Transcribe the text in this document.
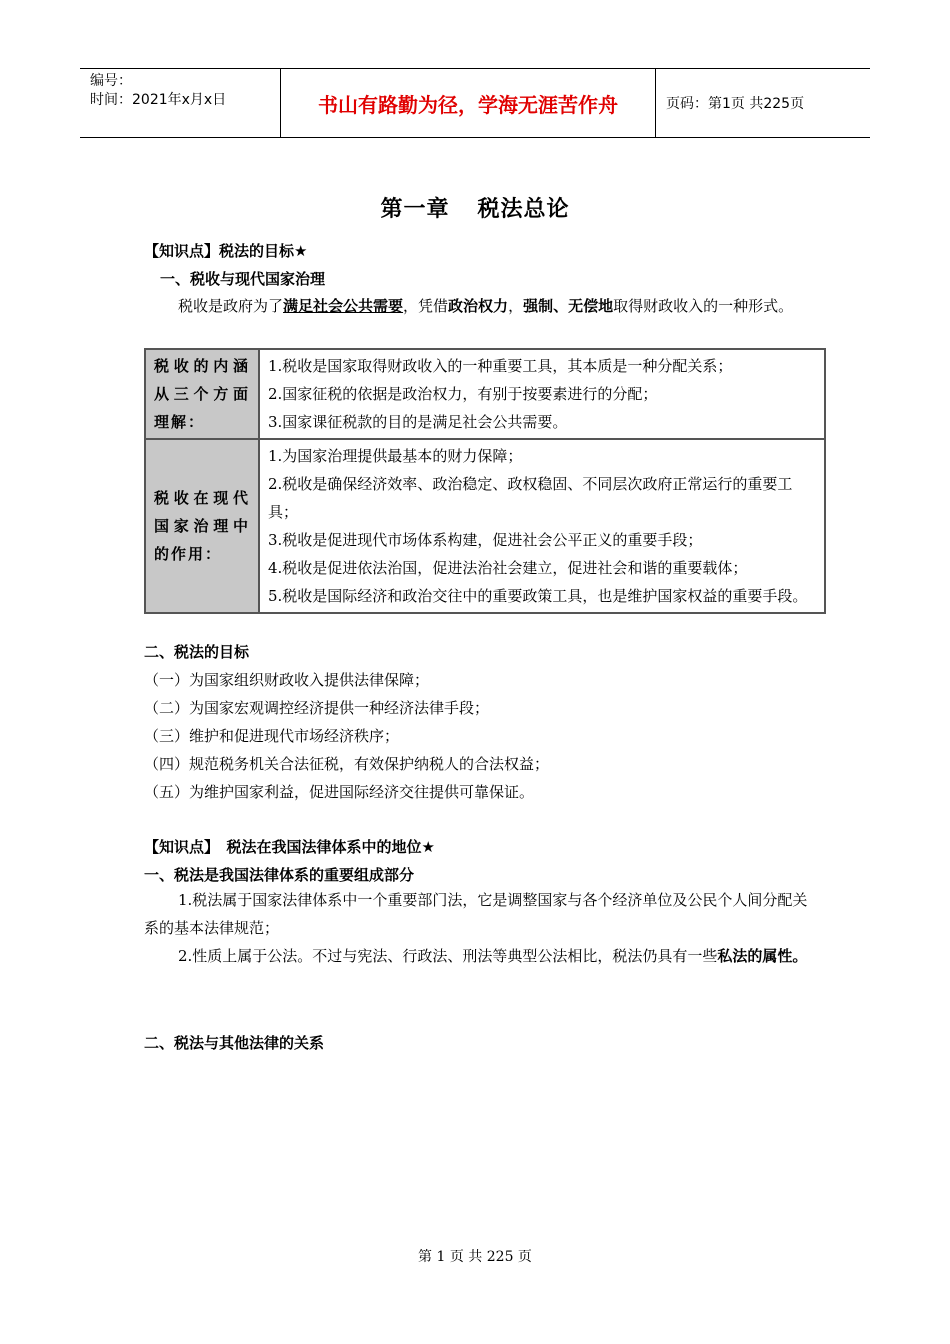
编号：
时间：2021年x月x日	书山有路勤为径，学海无涯苦作舟	页码：第1页 共225页
第一章 税法总论
【知识点】税法的目标★
一、税收与现代国家治理
税收是政府为了满足社会公共需要，凭借政治权力，强制、无偿地取得财政收入的一种形式。
税收的内涵从三个方面理解：	1.税收是国家取得财政收入的一种重要工具，其本质是一种分配关系；
2.国家征税的依据是政治权力，有别于按要素进行的分配；
3.国家课征税款的目的是满足社会公共需要。

税收在现代国家治理中的作用：	1.为国家治理提供最基本的财力保障；
2.税收是确保经济效率、政治稳定、政权稳固、不同层次政府正常运行的重要工具；
3.税收是促进现代市场体系构建，促进社会公平正义的重要手段；
4.税收是促进依法治国，促进法治社会建立，促进社会和谐的重要载体；
5.税收是国际经济和政治交往中的重要政策工具，也是维护国家权益的重要手段。
二、税法的目标
（一）为国家组织财政收入提供法律保障；
（二）为国家宏观调控经济提供一种经济法律手段；
（三）维护和促进现代市场经济秩序；
（四）规范税务机关合法征税，有效保护纳税人的合法权益；
（五）为维护国家利益，促进国际经济交往提供可靠保证。
【知识点】　税法在我国法律体系中的地位★
一、税法是我国法律体系的重要组成部分
1.税法属于国家法律体系中一个重要部门法，它是调整国家与各个经济单位及公民个人间分配关系的基本法律规范；
2.性质上属于公法。不过与宪法、行政法、刑法等典型公法相比，税法仍具有一些私法的属性。
二、税法与其他法律的关系
第 1 页 共 225 页
